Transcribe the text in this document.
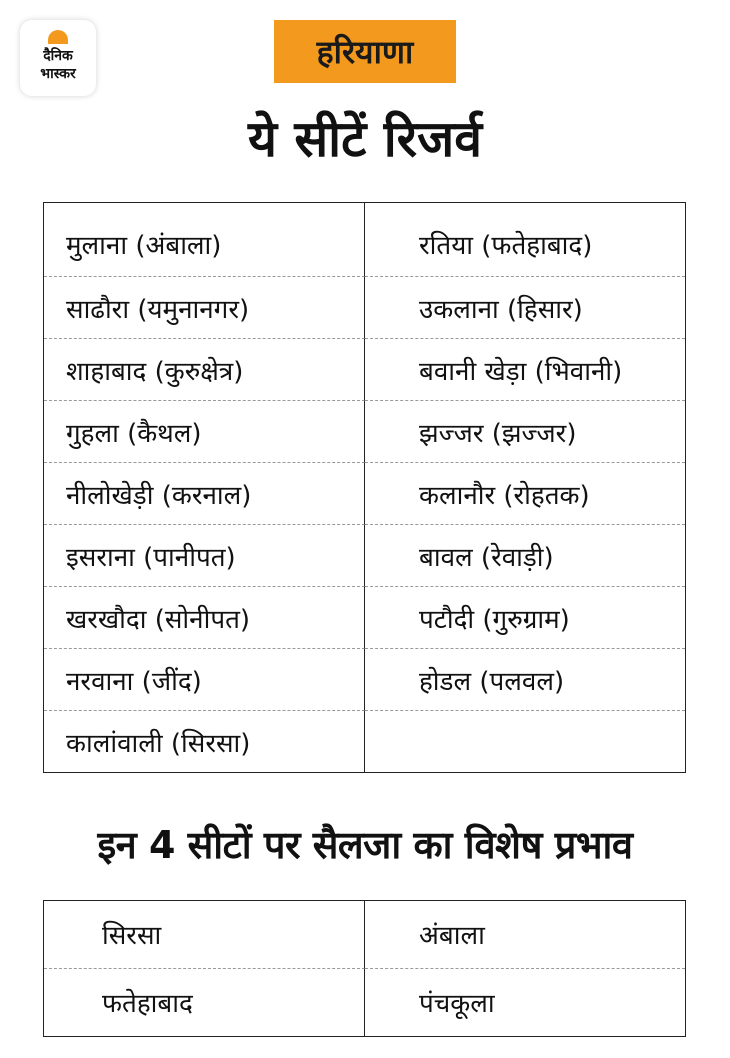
दैनिक
भास्कर
हरियाणा
ये सीटें रिजर्व
मुलाना (अंबाला)	रतिया (फतेहाबाद)
साढौरा (यमुनानगर)	उकलाना (हिसार)
शाहाबाद (कुरुक्षेत्र)	बवानी खेड़ा (भिवानी)
गुहला (कैथल)	झज्जर (झज्जर)
नीलोखेड़ी (करनाल)	कलानौर (रोहतक)
इसराना (पानीपत)	बावल (रेवाड़ी)
खरखौदा (सोनीपत)	पटौदी (गुरुग्राम)
नरवाना (जींद)	होडल (पलवल)
कालांवाली (सिरसा)
इन 4 सीटों पर सैलजा का विशेष प्रभाव
सिरसा	अंबाला
फतेहाबाद	पंचकूला
